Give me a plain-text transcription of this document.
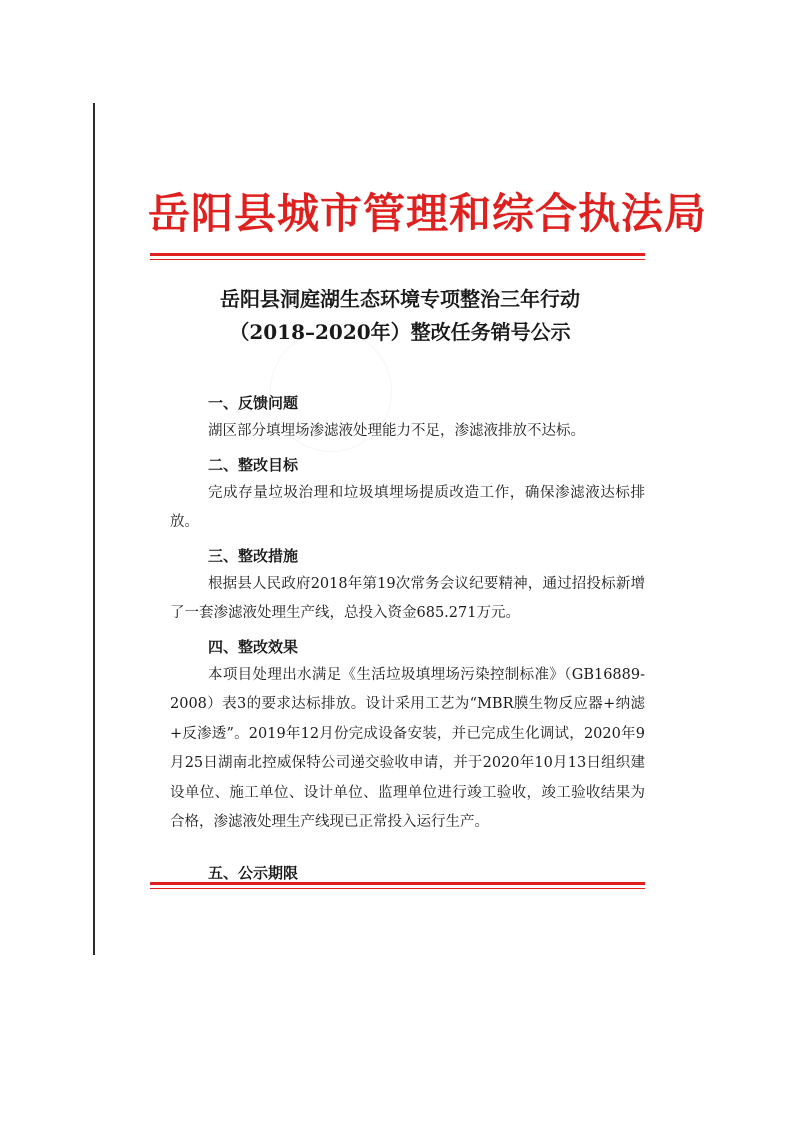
岳阳县城市管理和综合执法局
岳阳县洞庭湖生态环境专项整治三年行动
（2018–2020年）整改任务销号公示
一、反馈问题
湖区部分填埋场渗滤液处理能力不足，渗滤液排放不达标。
二、整改目标
完成存量垃圾治理和垃圾填埋场提质改造工作，确保渗滤液达标排放。
三、整改措施
根据县人民政府2018年第19次常务会议纪要精神，通过招投标新增了一套渗滤液处理生产线，总投入资金685.271万元。
四、整改效果
本项目处理出水满足《生活垃圾填埋场污染控制标准》（GB16889-2008）表3的要求达标排放。设计采用工艺为“MBR膜生物反应器+纳滤+反渗透”。2019年12月份完成设备安装，并已完成生化调试，2020年9月25日湖南北控威保特公司递交验收申请，并于2020年10月13日组织建设单位、施工单位、设计单位、监理单位进行竣工验收，竣工验收结果为合格，渗滤液处理生产线现已正常投入运行生产。
五、公示期限
